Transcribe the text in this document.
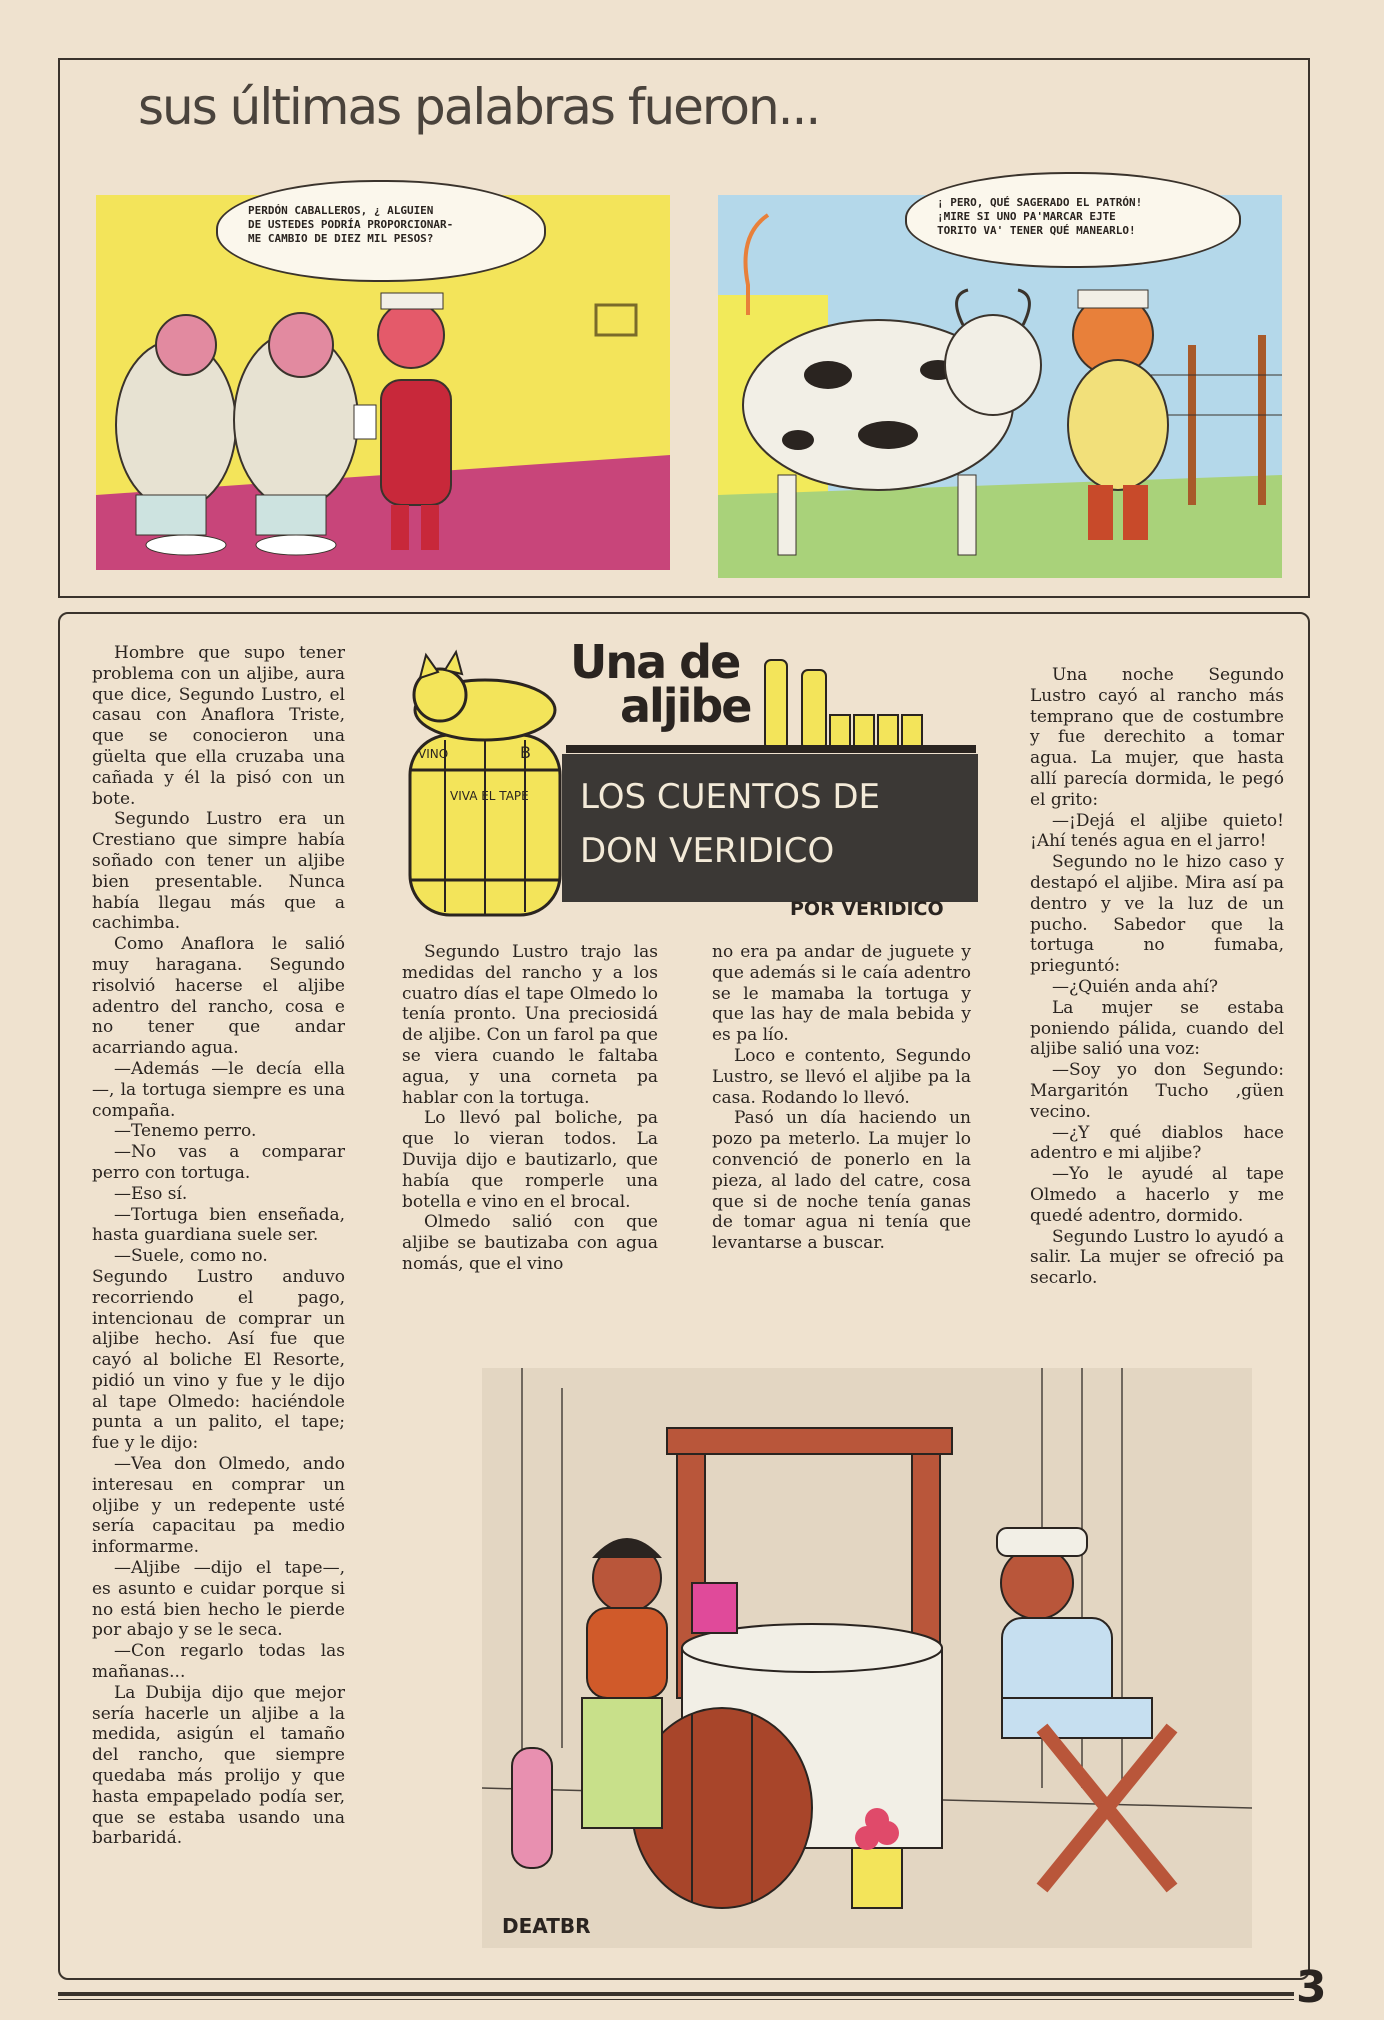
sus últimas palabras fueron...
PERDÓN CABALLEROS, ¿ ALGUIEN
DE USTEDES PODRÍA PROPORCIONAR-
ME CAMBIO DE DIEZ MIL PESOS?
¡ PERO, QUÉ SAGERADO EL PATRÓN!
¡MIRE SI UNO PA'MARCAR EJTE
TORITO VA' TENER QUÉ MANEARLO!
VINO	B
VIVA EL TAPE
Una de
aljibe
LOS CUENTOS DE
DON VERIDICO
POR VERIDICO

Hombre que supo tener problema con un aljibe, aura que dice, Segundo Lustro, el casau con Anaflora Triste, que se conocieron una güelta que ella cruzaba una cañada y él la pisó con un bote.

Segundo Lustro era un Crestiano que simpre había soñado con tener un aljibe bien presentable. Nunca había llegau más que a cachimba.

Como Anaflora le salió muy haragana. Segundo risolvió hacerse el aljibe adentro del rancho, cosa e no tener que andar acarriando agua.

—Además —le decía ella —, la tortuga siempre es una compaña.

—Tenemo perro.

—No vas a comparar perro con tortuga.

—Eso sí.

—Tortuga bien enseñada, hasta guardiana suele ser.

—Suele, como no.

Segundo Lustro anduvo recorriendo el pago, intencionau de comprar un aljibe hecho. Así fue que cayó al boliche El Resorte, pidió un vino y fue y le dijo al tape Olmedo: haciéndole punta a un palito, el tape; fue y le dijo:

—Vea don Olmedo, ando interesau en comprar un oljibe y un redepente usté sería capacitau pa medio informarme.

—Aljibe —dijo el tape—, es asunto e cuidar porque si no está bien hecho le pierde por abajo y se le seca.

—Con regarlo todas las mañanas...

La Dubija dijo que mejor sería hacerle un aljibe a la medida, asigún el tamaño del rancho, que siempre quedaba más prolijo y que hasta empapelado podía ser, que se estaba usando una barbaridá.

Segundo Lustro trajo las medidas del rancho y a los cuatro días el tape Olmedo lo tenía pronto. Una preciosidá de aljibe. Con un farol pa que se viera cuando le faltaba agua, y una corneta pa hablar con la tortuga.

Lo llevó pal boliche, pa que lo vieran todos. La Duvija dijo e bautizarlo, que había que romperle una botella e vino en el brocal.

Olmedo salió con que aljibe se bautizaba con agua nomás, que el vino

no era pa andar de juguete y que además si le caía adentro se le mamaba la tortuga y que las hay de mala bebida y es pa lío.

Loco e contento, Segundo Lustro, se llevó el aljibe pa la casa. Rodando lo llevó.

Pasó un día haciendo un pozo pa meterlo. La mujer lo convenció de ponerlo en la pieza, al lado del catre, cosa que si de noche tenía ganas de tomar agua ni tenía que levantarse a buscar.

Una noche Segundo Lustro cayó al rancho más temprano que de costumbre y fue derechito a tomar agua. La mujer, que hasta allí parecía dormida, le pegó el grito:

—¡Dejá el aljibe quieto! ¡Ahí tenés agua en el jarro!

Segundo no le hizo caso y destapó el aljibe. Mira así pa dentro y ve la luz de un pucho. Sabedor que la tortuga no fumaba, prieguntó:

—¿Quién anda ahí?

La mujer se estaba poniendo pálida, cuando del aljibe salió una voz:

—Soy yo don Segundo: Margaritón Tucho ,güen vecino.

—¿Y qué diablos hace adentro e mi aljibe?

—Yo le ayudé al tape Olmedo a hacerlo y me quedé adentro, dormido.

Segundo Lustro lo ayudó a salir. La mujer se ofreció pa secarlo.

DEATBR
3
